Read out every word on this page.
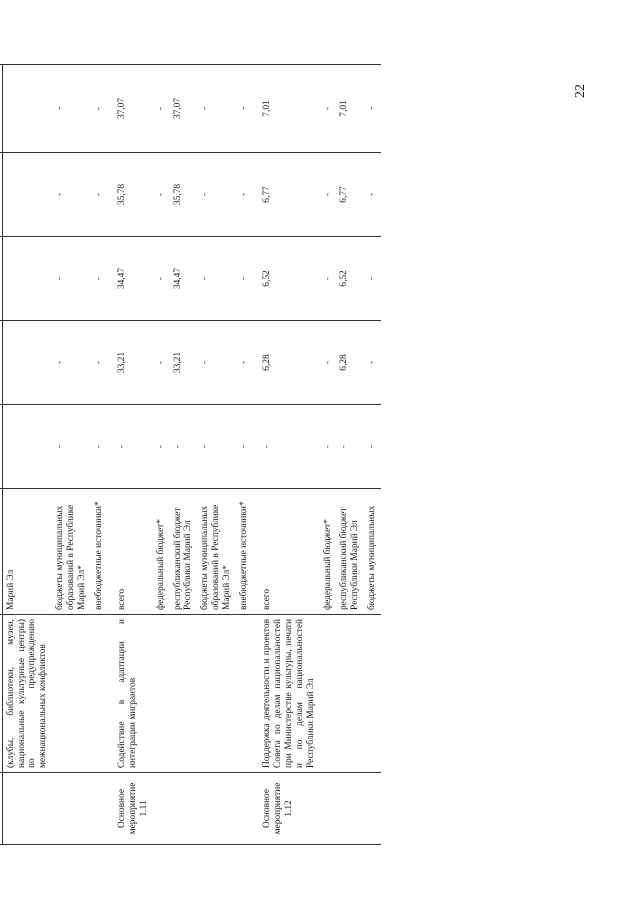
22

	(клубы, библиотеки, музеи, национальные культурные центры) по предупреждению межнациональных конфликтов	Марий Эл					
		бюджеты муниципальных образований в Республике Марий Эл*	-	-	-	-	-
		внебюджетные источники*	-	-	-	-	-
Основное мероприятие 1.11	Содействие в адаптации и интеграции мигрантов	всего	-	33,21	34,47	35,78	37,07
		федеральный бюджет*	-	-	-	-	-
		республиканский бюджет Республики Марий Эл	-	33,21	34,47	35,78	37,07
		бюджеты муниципальных образований в Республике Марий Эл*	-	-	-	-	-
		внебюджетные источники*	-	-	-	-	-
Основное мероприятие 1.12	Поддержка деятельности и проектов Совета по делам национальностей при Министерстве культуры, печати и по делам национальностей Республики Марий Эл	всего	-	6,28	6,52	6,77	7,01
		федеральный бюджет*	-	-	-	-	-
		республиканский бюджет Республики Марий Эл	-	6,28	6,52	6,77	7,01
		бюджеты муниципальных	-	-	-	-	-
